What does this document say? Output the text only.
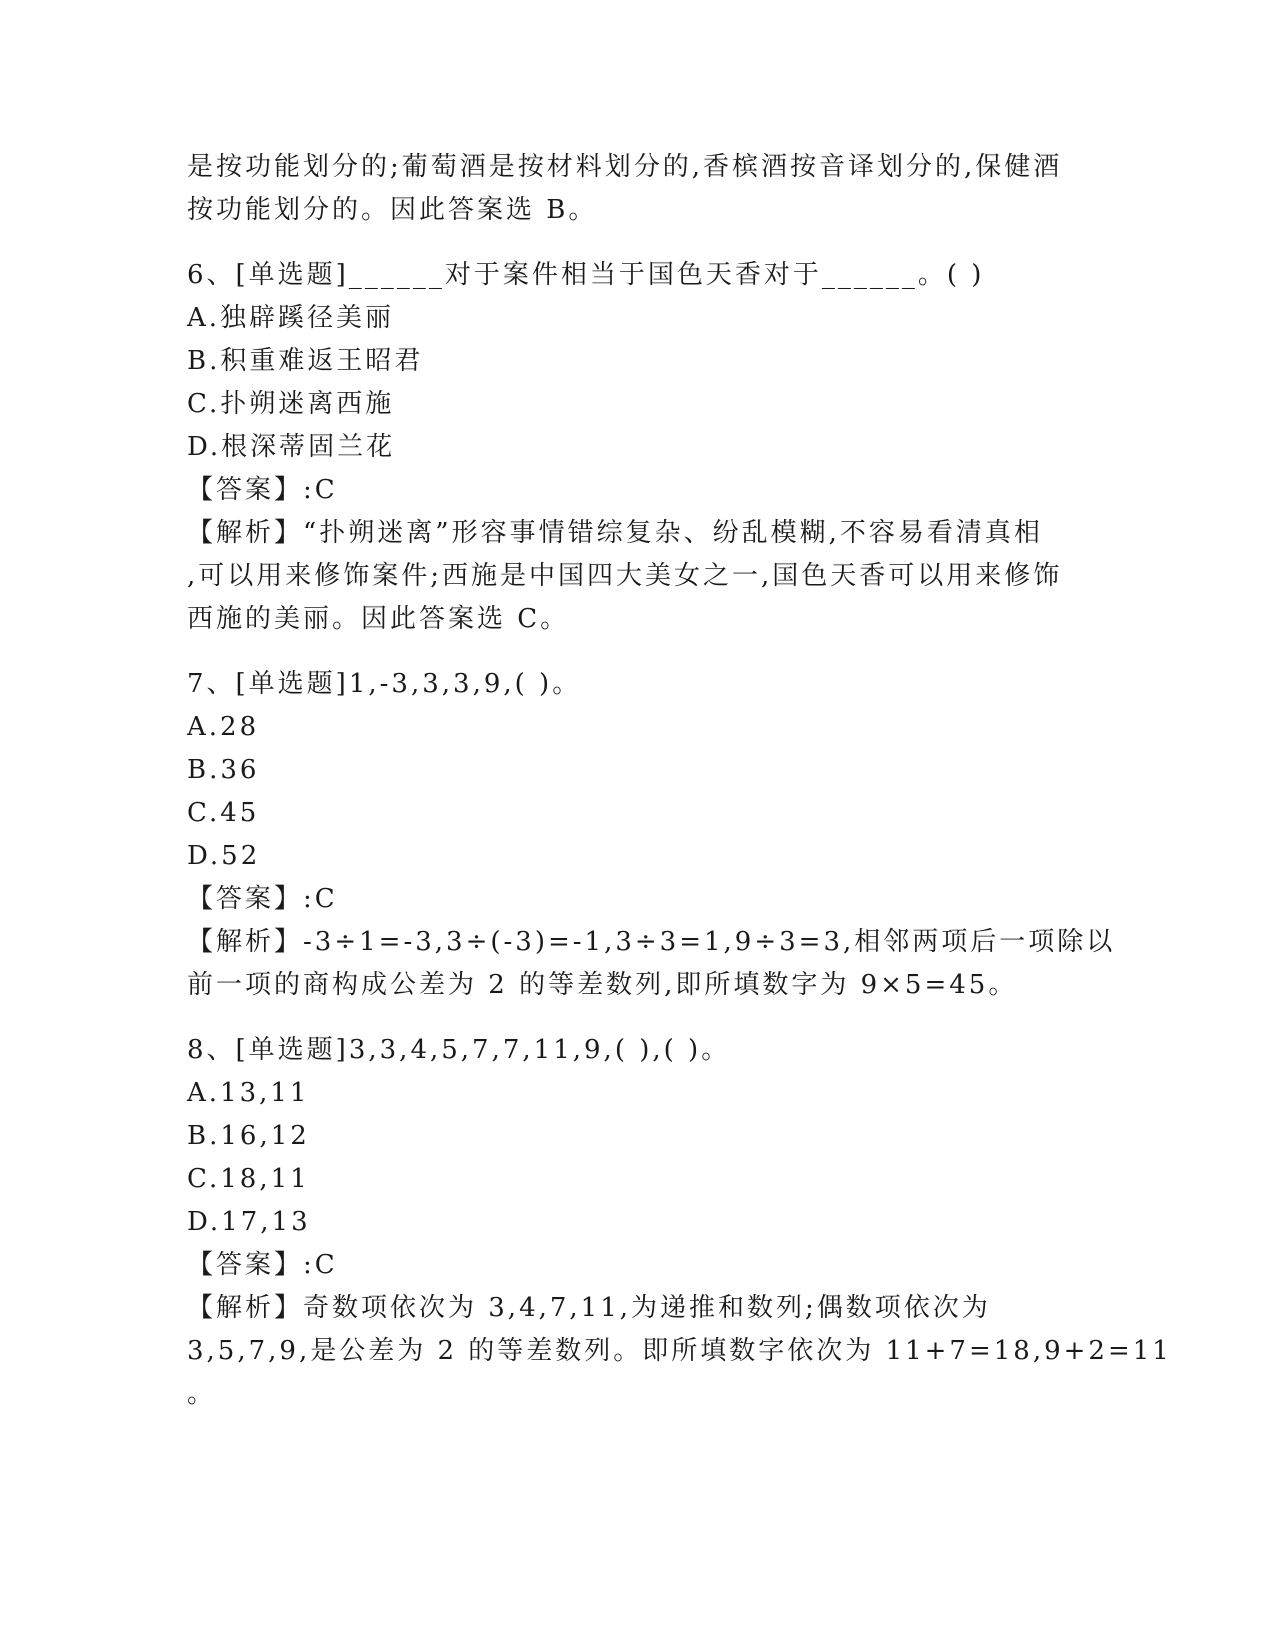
是按功能划分的;葡萄酒是按材料划分的,香槟酒按音译划分的,保健酒
按功能划分的。因此答案选 B。
6、[单选题]______对于案件相当于国色天香对于______。( )
A.独辟蹊径美丽
B.积重难返王昭君
C.扑朔迷离西施
D.根深蒂固兰花
【答案】:C
【解析】“扑朔迷离”形容事情错综复杂、纷乱模糊,不容易看清真相
,可以用来修饰案件;西施是中国四大美女之一,国色天香可以用来修饰
西施的美丽。因此答案选 C。
7、[单选题]1,-3,3,3,9,( )。
A.28
B.36
C.45
D.52
【答案】:C
【解析】-3÷1=-3,3÷(-3)=-1,3÷3=1,9÷3=3,相邻两项后一项除以
前一项的商构成公差为 2 的等差数列,即所填数字为 9×5=45。
8、[单选题]3,3,4,5,7,7,11,9,( ),( )。
A.13,11
B.16,12
C.18,11
D.17,13
【答案】:C
【解析】奇数项依次为 3,4,7,11,为递推和数列;偶数项依次为
3,5,7,9,是公差为 2 的等差数列。即所填数字依次为 11+7=18,9+2=11
。
